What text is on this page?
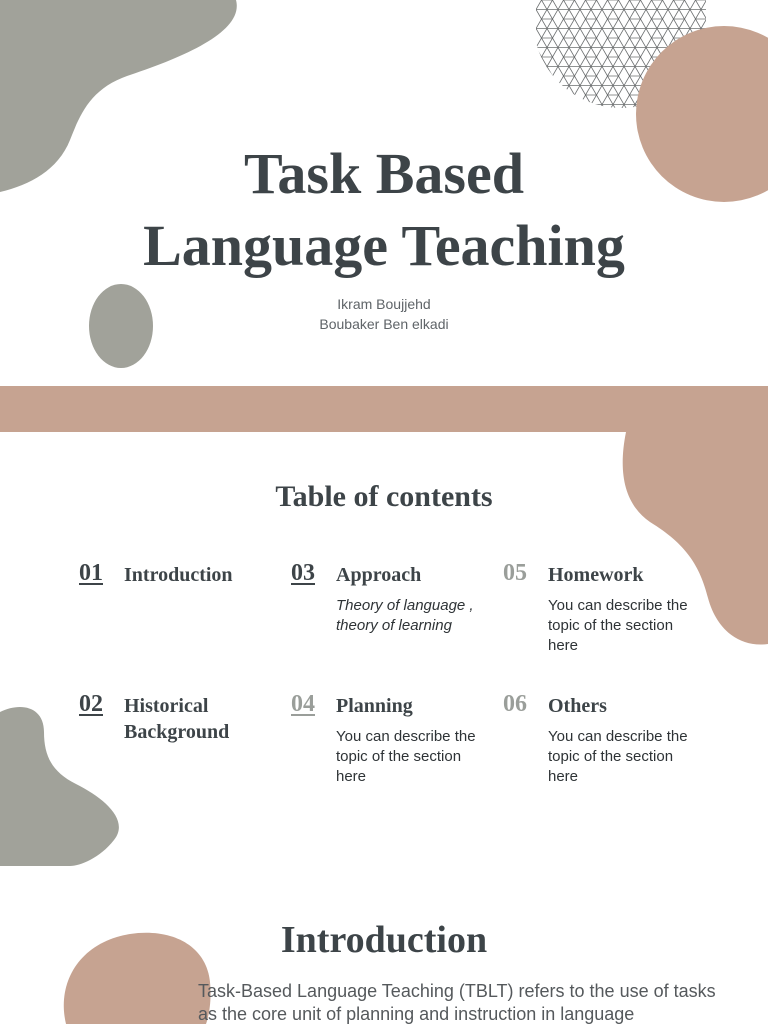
Task Based
Language Teaching
Ikram Boujjehd
Boubaker Ben elkadi
Table of contents
01 Introduction
02 Historical Background
03 Approach
Theory of language , theory of learning
04 Planning
You can describe the topic of the section here
05 Homework
You can describe the topic of the section here
06 Others
You can describe the topic of the section here
Introduction
Task-Based Language Teaching (TBLT) refers to the use of tasks as the core unit of planning and instruction in language
